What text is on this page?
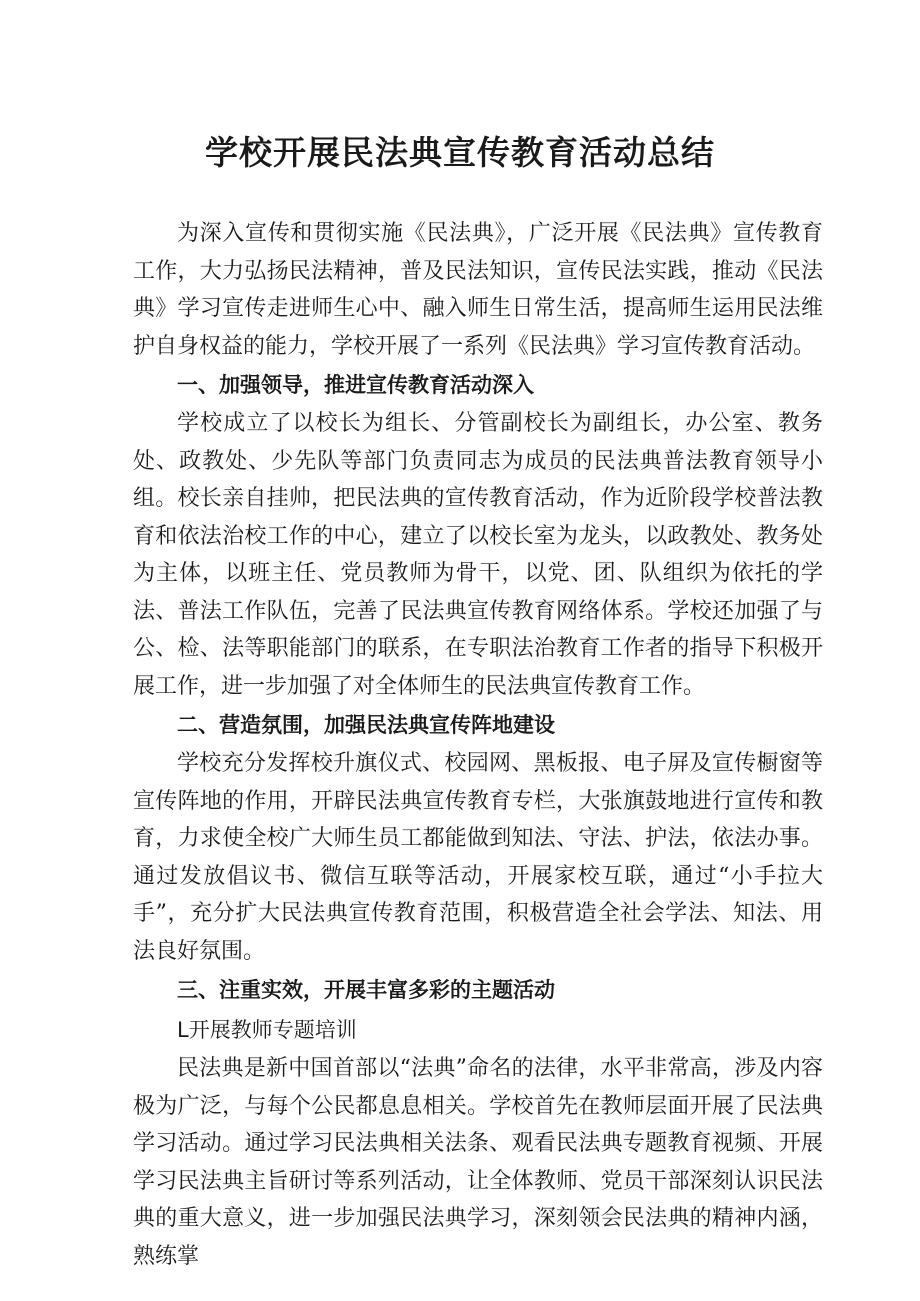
学校开展民法典宣传教育活动总结

为深入宣传和贯彻实施《民法典》，广泛开展《民法典》宣传教育工作，大力弘扬民法精神，普及民法知识，宣传民法实践，推动《民法典》学习宣传走进师生心中、融入师生日常生活，提高师生运用民法维护自身权益的能力，学校开展了一系列《民法典》学习宣传教育活动。

一、加强领导，推进宣传教育活动深入

学校成立了以校长为组长、分管副校长为副组长，办公室、教务处、政教处、少先队等部门负责同志为成员的民法典普法教育领导小组。校长亲自挂帅，把民法典的宣传教育活动，作为近阶段学校普法教育和依法治校工作的中心，建立了以校长室为龙头，以政教处、教务处为主体，以班主任、党员教师为骨干，以党、团、队组织为依托的学法、普法工作队伍，完善了民法典宣传教育网络体系。学校还加强了与公、检、法等职能部门的联系，在专职法治教育工作者的指导下积极开展工作，进一步加强了对全体师生的民法典宣传教育工作。

二、营造氛围，加强民法典宣传阵地建设

学校充分发挥校升旗仪式、校园网、黑板报、电子屏及宣传橱窗等宣传阵地的作用，开辟民法典宣传教育专栏，大张旗鼓地进行宣传和教育，力求使全校广大师生员工都能做到知法、守法、护法，依法办事。通过发放倡议书、微信互联等活动，开展家校互联，通过“小手拉大手”，充分扩大民法典宣传教育范围，积极营造全社会学法、知法、用法良好氛围。

三、注重实效，开展丰富多彩的主题活动

L开展教师专题培训

民法典是新中国首部以“法典”命名的法律，水平非常高，涉及内容极为广泛，与每个公民都息息相关。学校首先在教师层面开展了民法典学习活动。通过学习民法典相关法条、观看民法典专题教育视频、开展学习民法典主旨研讨等系列活动，让全体教师、党员干部深刻认识民法典的重大意义，进一步加强民法典学习，深刻领会民法典的精神内涵，熟练掌
